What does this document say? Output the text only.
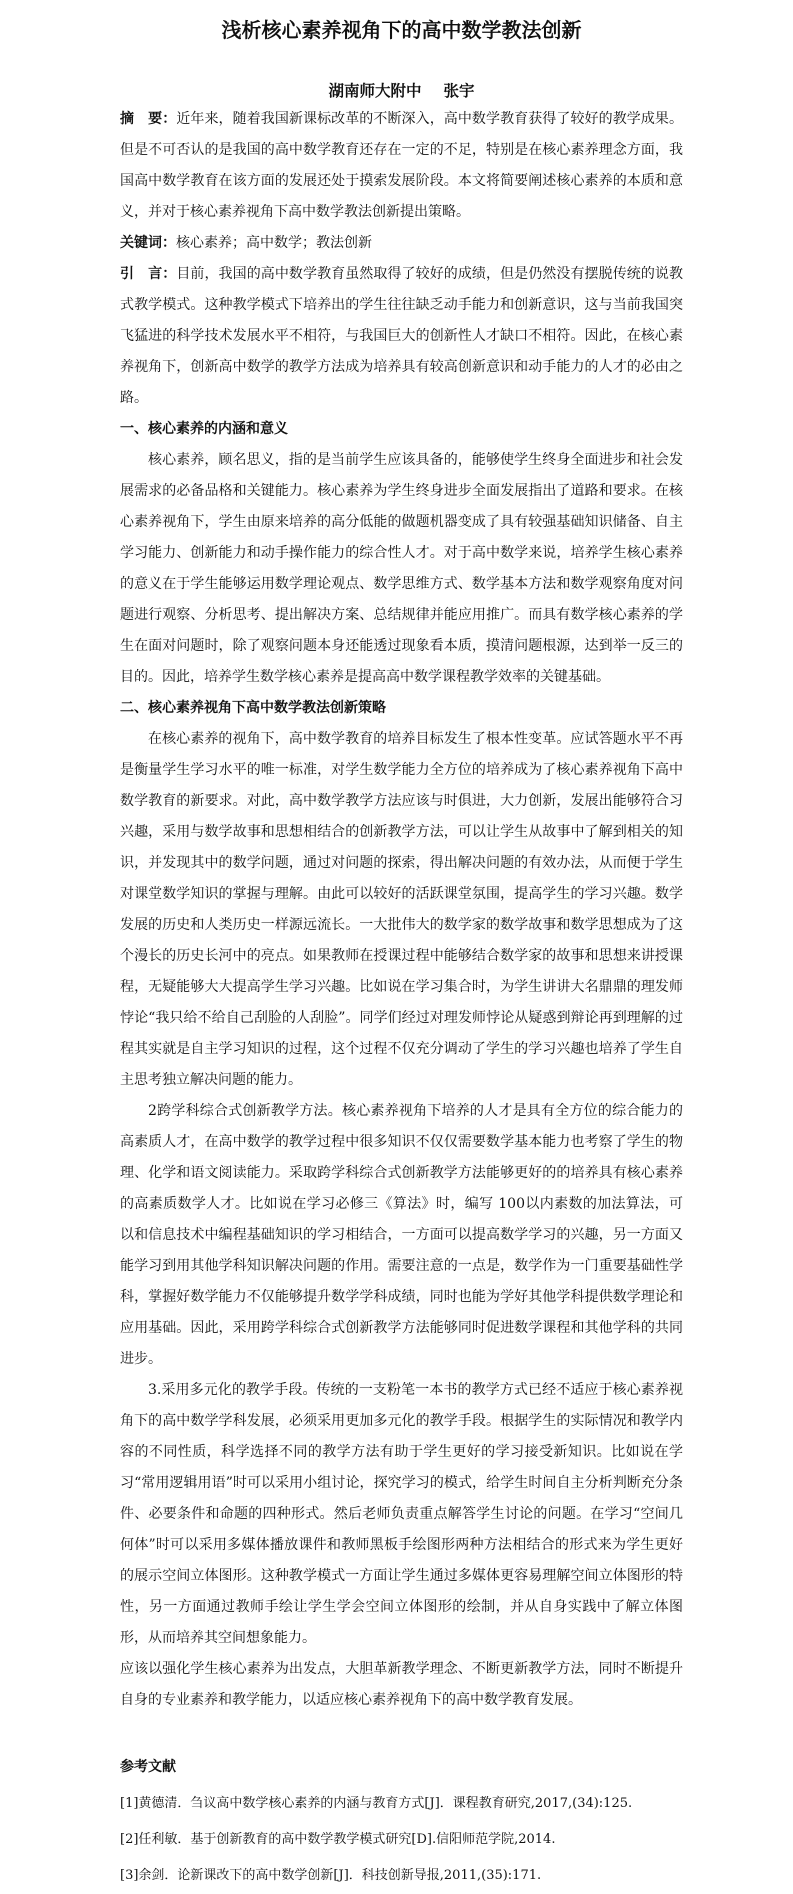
浅析核心素养视角下的高中数学教法创新

湖南师大附中 张宇

摘　要：近年来，随着我国新课标改革的不断深入，高中数学教育获得了较好的教学成果。但是不可否认的是我国的高中数学教育还存在一定的不足，特别是在核心素养理念方面，我国高中数学教育在该方面的发展还处于摸索发展阶段。本文将简要阐述核心素养的本质和意义，并对于核心素养视角下高中数学教法创新提出策略。

关键词：核心素养；高中数学；教法创新

引　言：目前，我国的高中数学教育虽然取得了较好的成绩，但是仍然没有摆脱传统的说教式教学模式。这种教学模式下培养出的学生往往缺乏动手能力和创新意识，这与当前我国突飞猛进的科学技术发展水平不相符，与我国巨大的创新性人才缺口不相符。因此，在核心素养视角下，创新高中数学的教学方法成为培养具有较高创新意识和动手能力的人才的必由之路。

一、核心素养的内涵和意义

核心素养，顾名思义，指的是当前学生应该具备的，能够使学生终身全面进步和社会发展需求的必备品格和关键能力。核心素养为学生终身进步全面发展指出了道路和要求。在核心素养视角下，学生由原来培养的高分低能的做题机器变成了具有较强基础知识储备、自主学习能力、创新能力和动手操作能力的综合性人才。对于高中数学来说，培养学生核心素养的意义在于学生能够运用数学理论观点、数学思维方式、数学基本方法和数学观察角度对问题进行观察、分析思考、提出解决方案、总结规律并能应用推广。而具有数学核心素养的学生在面对问题时，除了观察问题本身还能透过现象看本质，摸清问题根源，达到举一反三的目的。因此，培养学生数学核心素养是提高高中数学课程教学效率的关键基础。

二、核心素养视角下高中数学教法创新策略

在核心素养的视角下，高中数学教育的培养目标发生了根本性变革。应试答题水平不再是衡量学生学习水平的唯一标准，对学生数学能力全方位的培养成为了核心素养视角下高中数学教育的新要求。对此，高中数学教学方法应该与时俱进，大力创新，发展出能够符合习兴趣，采用与数学故事和思想相结合的创新教学方法，可以让学生从故事中了解到相关的知识，并发现其中的数学问题，通过对问题的探索，得出解决问题的有效办法，从而便于学生对课堂数学知识的掌握与理解。由此可以较好的活跃课堂氛围，提高学生的学习兴趣。数学发展的历史和人类历史一样源远流长。一大批伟大的数学家的数学故事和数学思想成为了这个漫长的历史长河中的亮点。如果教师在授课过程中能够结合数学家的故事和思想来讲授课程，无疑能够大大提高学生学习兴趣。比如说在学习集合时，为学生讲讲大名鼎鼎的理发师悖论“我只给不给自己刮脸的人刮脸”。同学们经过对理发师悖论从疑惑到辩论再到理解的过程其实就是自主学习知识的过程，这个过程不仅充分调动了学生的学习兴趣也培养了学生自主思考独立解决问题的能力。

2跨学科综合式创新教学方法。核心素养视角下培养的人才是具有全方位的综合能力的高素质人才，在高中数学的教学过程中很多知识不仅仅需要数学基本能力也考察了学生的物理、化学和语文阅读能力。采取跨学科综合式创新教学方法能够更好的的培养具有核心素养的高素质数学人才。比如说在学习必修三《算法》时，编写 100以内素数的加法算法，可以和信息技术中编程基础知识的学习相结合，一方面可以提高数学学习的兴趣，另一方面又能学习到用其他学科知识解决问题的作用。需要注意的一点是，数学作为一门重要基础性学科，掌握好数学能力不仅能够提升数学学科成绩，同时也能为学好其他学科提供数学理论和应用基础。因此，采用跨学科综合式创新教学方法能够同时促进数学课程和其他学科的共同进步。

3.采用多元化的教学手段。传统的一支粉笔一本书的教学方式已经不适应于核心素养视角下的高中数学学科发展，必须采用更加多元化的教学手段。根据学生的实际情况和教学内容的不同性质，科学选择不同的教学方法有助于学生更好的学习接受新知识。比如说在学习“常用逻辑用语”时可以采用小组讨论，探究学习的模式，给学生时间自主分析判断充分条件、必要条件和命题的四种形式。然后老师负责重点解答学生讨论的问题。在学习“空间几何体”时可以采用多媒体播放课件和教师黑板手绘图形两种方法相结合的形式来为学生更好的展示空间立体图形。这种教学模式一方面让学生通过多媒体更容易理解空间立体图形的特性，另一方面通过教师手绘让学生学会空间立体图形的绘制，并从自身实践中了解立体图形，从而培养其空间想象能力。

应该以强化学生核心素养为出发点，大胆革新教学理念、不断更新教学方法，同时不断提升自身的专业素养和教学能力，以适应核心素养视角下的高中数学教育发展。

参考文献

[1]黄德清．刍议高中数学核心素养的内涵与教育方式[J]．课程教育研究,2017,(34):125.

[2]任利敏．基于创新教育的高中数学教学模式研究[D].信阳师范学院,2014.

[3]余剑．论新课改下的高中数学创新[J]．科技创新导报,2011,(35):171.
